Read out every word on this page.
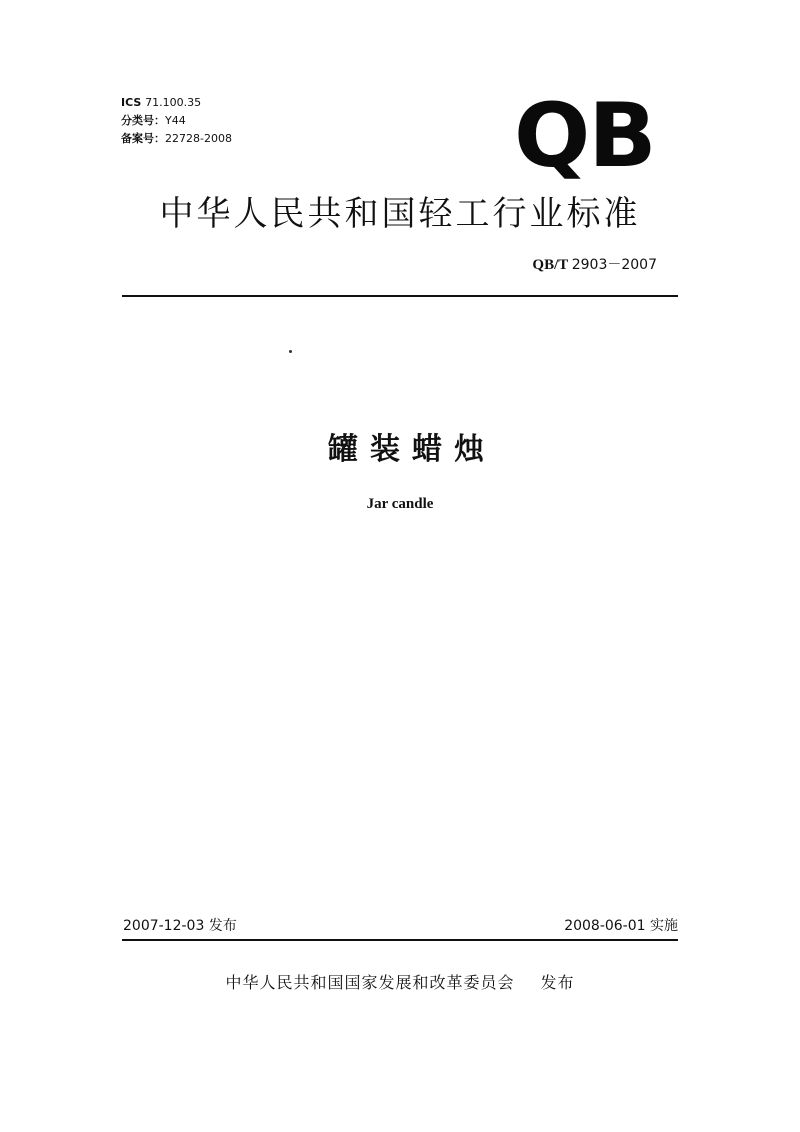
ICS 71.100.35
分类号：Y44
备案号：22728-2008	QB
中华人民共和国轻工行业标准
QB/T 2903－2007
罐装蜡烛
Jar candle
2007-12-03 发布	2008-06-01 实施
中华人民共和国国家发展和改革委员会 发布
